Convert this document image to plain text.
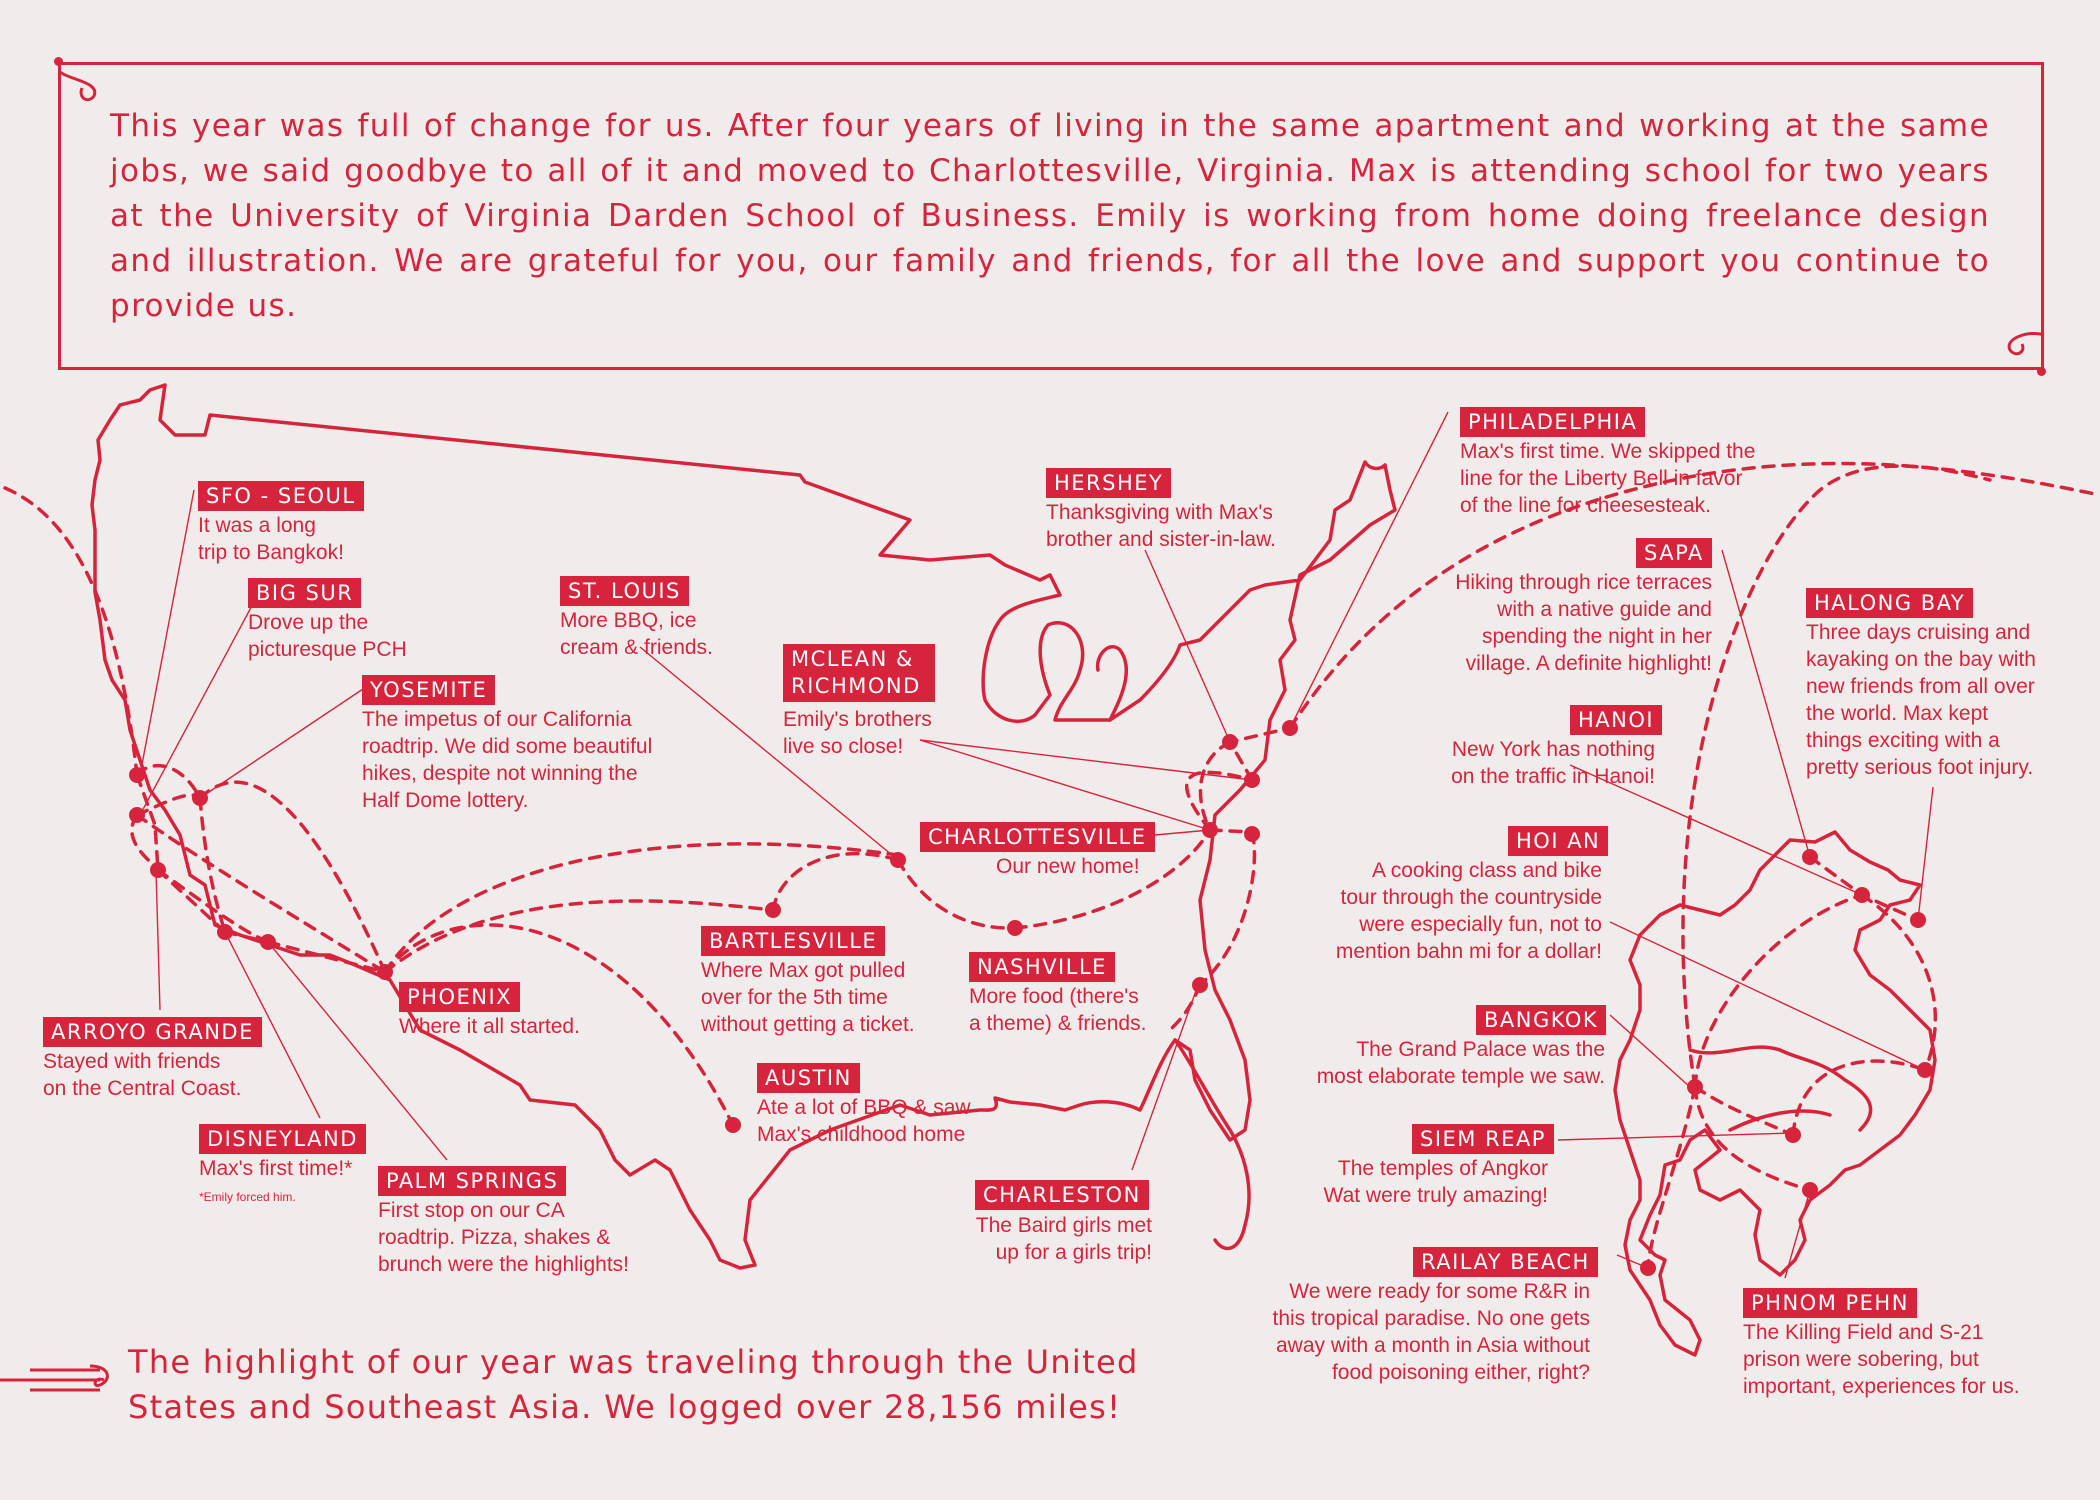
This year was full of change for us. After four years of living in the same apartment and working at the same jobs, we said goodbye to all of it and moved to Charlottesville, Virginia. Max is attending school for two years at the University of Virginia Darden School of Business. Emily is working from home doing freelance design and illustration. We are grateful for you, our family and friends, for all the love and support you continue to provide us.
SFO - SEOUL
It was a long
trip to Bangkok!
BIG SUR
Drove up the
picturesque PCH
YOSEMITE
The impetus of our California
roadtrip. We did some beautiful
hikes, despite not winning the
Half Dome lottery.
ST. LOUIS
More BBQ, ice
cream & friends.	MCLEAN & RICHMOND
Emily's brothers
live so close!
HERSHEY
Thanksgiving with Max's
brother and sister-in-law.
PHILADELPHIA
Max's first time. We skipped the
line for the Liberty Bell in favor
of the line for cheesesteak.
CHARLOTTESVILLE
Our new home!
BARTLESVILLE
Where Max got pulled
over for the 5th time
without getting a ticket.
NASHVILLE
More food (there's
a theme) & friends.
PHOENIX
Where it all started.
ARROYO GRANDE
Stayed with friends
on the Central Coast.
DISNEYLAND
Max's first time!*
*Emily forced him.
PALM SPRINGS
First stop on our CA
roadtrip. Pizza, shakes &
brunch were the highlights!
AUSTIN
Ate a lot of BBQ & saw
Max's childhood home
CHARLESTON
The Baird girls met
up for a girls trip!
SAPA
Hiking through rice terraces
with a native guide and
spending the night in her
village. A definite highlight!
HALONG BAY
Three days cruising and
kayaking on the bay with
new friends from all over
the world. Max kept
things exciting with a
pretty serious foot injury.
HANOI
New York has nothing
on the traffic in Hanoi!
HOI AN
A cooking class and bike
tour through the countryside
were especially fun, not to
mention bahn mi for a dollar!
BANGKOK
The Grand Palace was the
most elaborate temple we saw.
SIEM REAP
The temples of Angkor
Wat were truly amazing!
RAILAY BEACH
We were ready for some R&R in
this tropical paradise. No one gets
away with a month in Asia without
food poisoning either, right?
PHNOM PEHN
The Killing Field and S-21
prison were sobering, but
important, experiences for us.
The highlight of our year was traveling through the United States and Southeast Asia. We logged over 28,156 miles!
